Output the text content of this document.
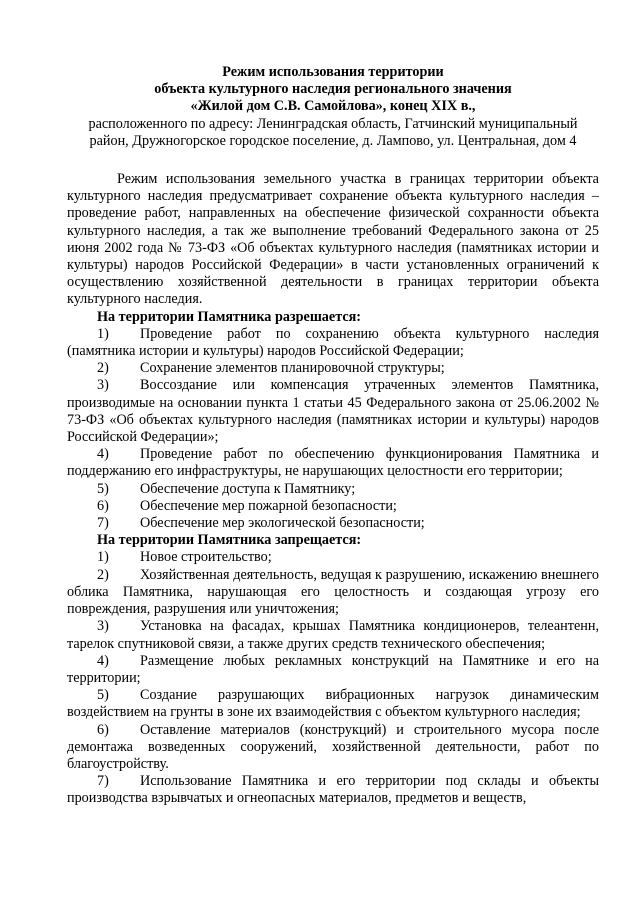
Режим использования территории
объекта культурного наследия регионального значения
«Жилой дом С.В. Самойлова», конец XIX в.,

расположенного по адресу: Ленинградская область, Гатчинский муниципальный
район, Дружногорское городское поселение, д. Лампово, ул. Центральная, дом 4

Режим использования земельного участка в границах территории объекта культурного наследия предусматривает сохранение объекта культурного наследия – проведение работ, направленных на обеспечение физической сохранности объекта культурного наследия, а так же выполнение требований Федерального закона от 25 июня 2002 года № 73-ФЗ «Об объектах культурного наследия (памятниках истории и культуры) народов Российской Федерации» в части установленных ограничений к осуществлению хозяйственной деятельности в границах территории объекта культурного наследия.

На территории Памятника разрешается:

1) Проведение работ по сохранению объекта культурного наследия (памятника истории и культуры) народов Российской Федерации;

2) Сохранение элементов планировочной структуры;

3) Воссоздание или компенсация утраченных элементов Памятника, производимые на основании пункта 1 статьи 45 Федерального закона от 25.06.2002 № 73-ФЗ «Об объектах культурного наследия (памятниках истории и культуры) народов Российской Федерации»;

4) Проведение работ по обеспечению функционирования Памятника и поддержанию его инфраструктуры, не нарушающих целостности его территории;

5) Обеспечение доступа к Памятнику;

6) Обеспечение мер пожарной безопасности;

7) Обеспечение мер экологической безопасности;

На территории Памятника запрещается:

1) Новое строительство;

2) Хозяйственная деятельность, ведущая к разрушению, искажению внешнего облика Памятника, нарушающая его целостность и создающая угрозу его повреждения, разрушения или уничтожения;

3) Установка на фасадах, крышах Памятника кондиционеров, телеантенн, тарелок спутниковой связи, а также других средств технического обеспечения;

4) Размещение любых рекламных конструкций на Памятнике и его на территории;

5) Создание разрушающих вибрационных нагрузок динамическим воздействием на грунты в зоне их взаимодействия с объектом культурного наследия;

6) Оставление материалов (конструкций) и строительного мусора после демонтажа возведенных сооружений, хозяйственной деятельности, работ по благоустройству.

7) Использование Памятника и его территории под склады и объекты производства взрывчатых и огнеопасных материалов, предметов и веществ,
